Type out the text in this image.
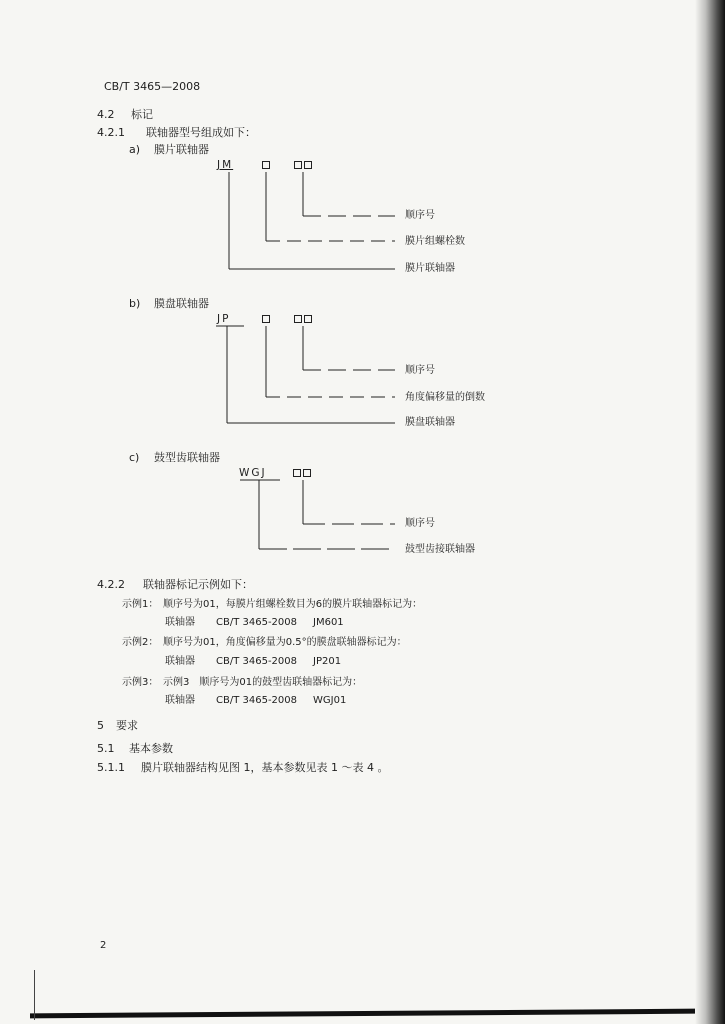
CB/T 3465—2008
4.2 标记
4.2.1 联轴器型号组成如下：
a) 膜片联轴器
JM
顺序号
膜片组螺栓数
膜片联轴器
b) 膜盘联轴器
JP
顺序号
角度偏移量的倒数
膜盘联轴器
c) 鼓型齿联轴器
WGJ
顺序号
鼓型齿接联轴器
4.2.2 联轴器标记示例如下：
示例1： 顺序号为01，每膜片组螺栓数目为6的膜片联轴器标记为：
联轴器 CB/T 3465-2008 JM601
示例2： 顺序号为01，角度偏移量为0.5°的膜盘联轴器标记为：
联轴器 CB/T 3465-2008 JP201
示例3： 示例3　顺序号为01的鼓型齿联轴器标记为：
联轴器 CB/T 3465-2008 WGJ01
5 要求
5.1 基本参数
5.1.1 膜片联轴器结构见图 1，基本参数见表 1 ～表 4 。
2
